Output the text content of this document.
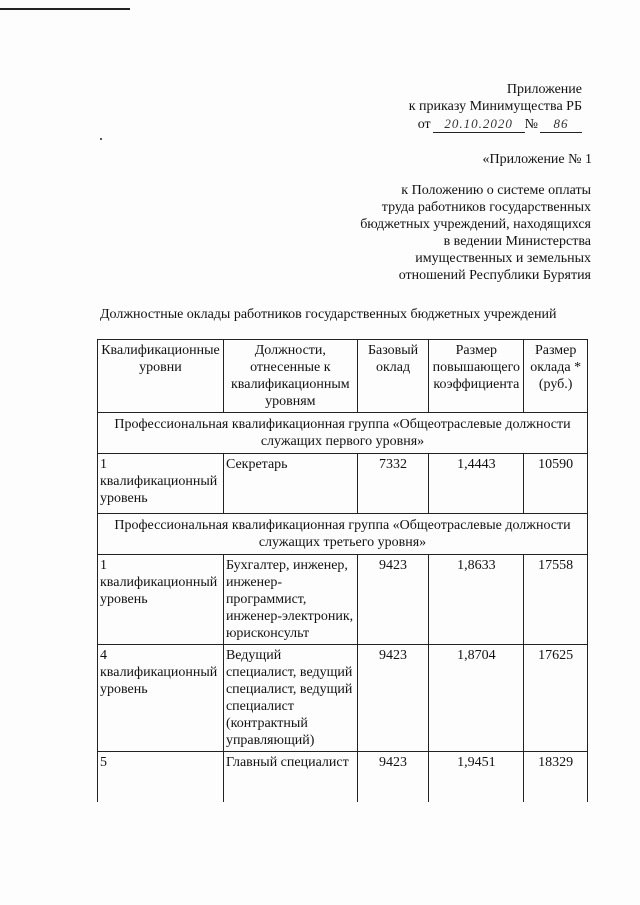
Приложение
к приказу Минимущества РБ
от	20.10.2020 №	86
«Приложение № 1
к Положению о системе оплаты
труда работников государственных
бюджетных учреждений, находящихся
в ведении Министерства
имущественных и земельных
отношений Республики Бурятия
Должностные оклады работников государственных бюджетных учреждений
Квалификационные уровни	Должности, отнесенные к квалификационным уровням	Базовый оклад	Размер повышающего коэффициента	Размер оклада * (руб.)
Профессиональная квалификационная группа «Общеотраслевые должности служащих первого уровня»				
1 квалификационный уровень	Секретарь	7332	1,4443	10590
Профессиональная квалификационная группа «Общеотраслевые должности служащих третьего уровня»				
1 квалификационный уровень	Бухгалтер, инженер, инженер-программист, инженер-электроник, юрисконсульт	9423	1,8633	17558
4 квалификационный уровень	Ведущий специалист, ведущий специалист, ведущий специалист (контрактный управляющий)	9423	1,8704	17625
5	Главный специалист	9423	1,9451	18329
